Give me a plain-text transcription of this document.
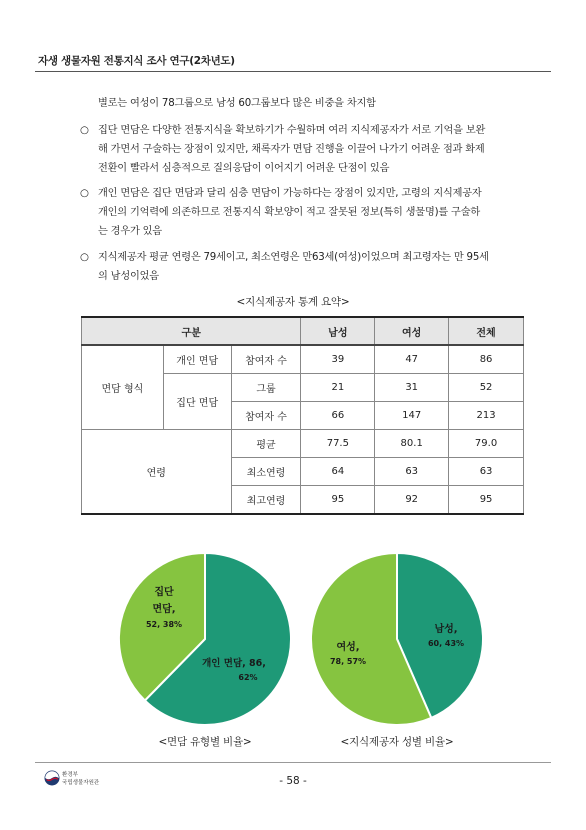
자생 생물자원 전통지식 조사 연구(2차년도)
별로는 여성이 78그룹으로 남성 60그룹보다 많은 비중을 차지함
○ 집단 면담은 다양한 전통지식을 확보하기가 수월하며 여러 지식제공자가 서로 기억을 보완
해 가면서 구술하는 장점이 있지만, 채록자가 면담 진행을 이끌어 나가기 어려운 점과 화제
전환이 빨라서 심층적으로 질의응답이 이어지기 어려운 단점이 있음
○ 개인 면담은 집단 면담과 달리 심층 면담이 가능하다는 장점이 있지만, 고령의 지식제공자
개인의 기억력에 의존하므로 전통지식 확보양이 적고 잘못된 정보(특히 생물명)를 구술하
는 경우가 있음
○ 지식제공자 평균 연령은 79세이고, 최소연령은 만63세(여성)이었으며 최고령자는 만 95세
의 남성이었음
<지식제공자 통계 요약>
구분			남성	여성	전체
면담 형식	개인 면담	참여자 수	39	47	86
	집단 면담	그룹	21	31	52
		참여자 수	66	147	213
연령		평균	77.5	80.1	79.0
		최소연령	64	63	63
		최고연령	95	92	95
개인 면담, 86,
62%
집단
면담,
52, 38%
<면담 유형별 비율>
남성,
60, 43%
여성,
78, 57%
<지식제공자 성별 비율>
환경부
국립생물자원관	- 58 -
